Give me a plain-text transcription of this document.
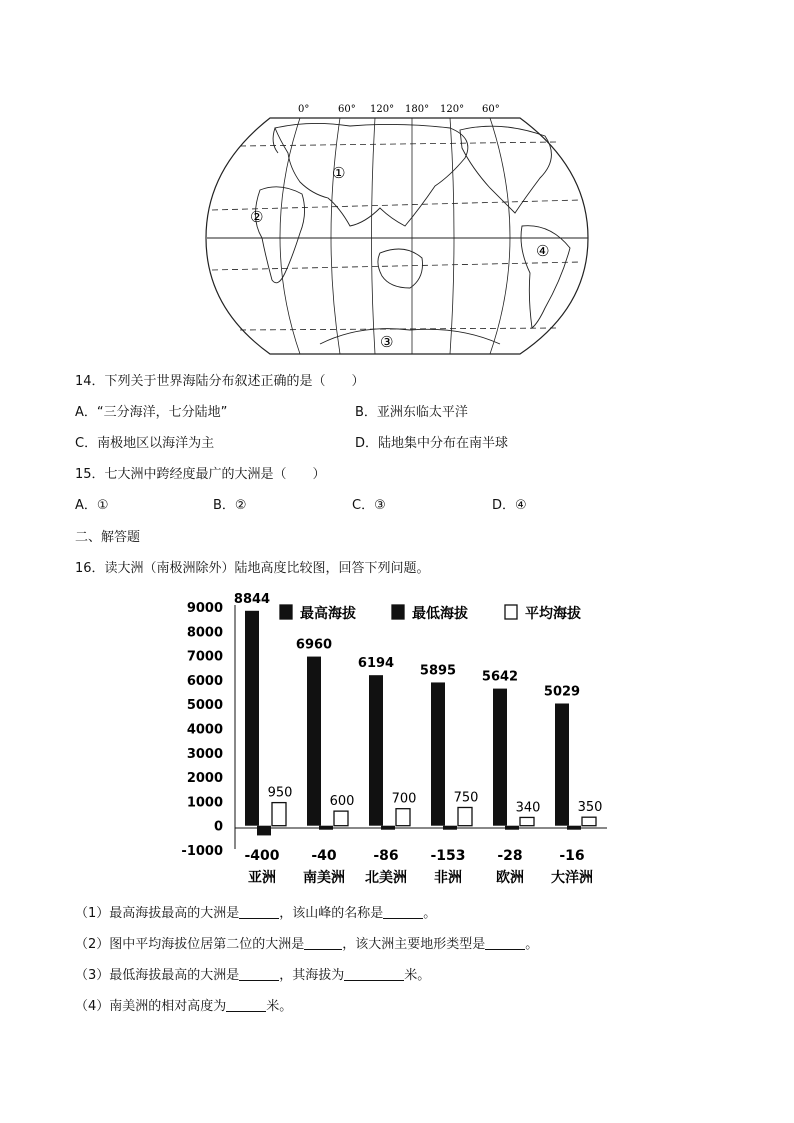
0°	60° 120° 180° 120° 60°
①
②
③
④
14．下列关于世界海陆分布叙述正确的是（　　）
A．“三分海洋，七分陆地”	B．亚洲东临太平洋
C．南极地区以海洋为主	D．陆地集中分布在南半球
15．七大洲中跨经度最广的大洲是（　　）
A．①	B．②	C．③	D．④
二、解答题
16．读大洲（南极洲除外）陆地高度比较图，回答下列问题。
9000
8000
7000
6000
5000
4000
3000
2000
1000
0
-1000
8844
-400
950
亚洲
6960
-40
600
南美洲
6194
-86
700
北美洲
5895
-153
750
非洲
5642
-28
340
欧洲
5029
-16
350
大洋洲
最高海拔	最低海拔	平均海拔
（1）最高海拔最高的大洲是	，该山峰的名称是	。
（2）图中平均海拔位居第二位的大洲是	，该大洲主要地形类型是	。
（3）最低海拔最高的大洲是	，其海拔为	米。
（4）南美洲的相对高度为	米。
